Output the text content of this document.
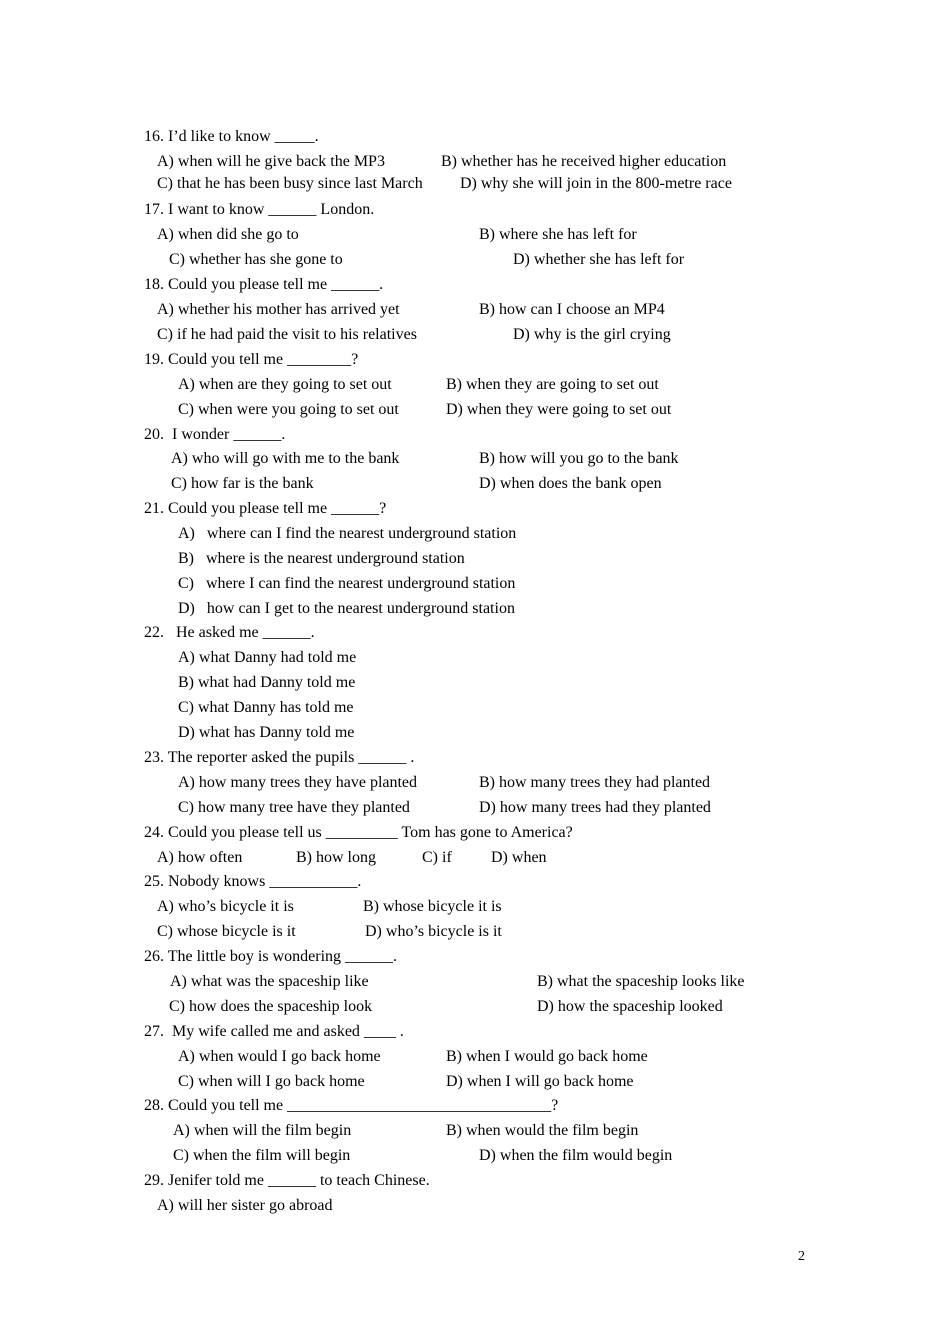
16. I’d like to know _____.
A) when will he give back the MP3	B) whether has he received higher education
C) that he has been busy since last March D) why she will join in the 800-metre race
17. I want to know ______ London.
A) when did she go to	B) where she has left for
C) whether has she gone to	D) whether she has left for
18. Could you please tell me ______.
A) whether his mother has arrived yet	B) how can I choose an MP4
C) if he had paid the visit to his relatives	D) why is the girl crying
19. Could you tell me ________?
A) when are they going to set out	B) when they are going to set out
C) when were you going to set out	D) when they were going to set out
20.  I wonder ______.
A) who will go with me to the bank	B) how will you go to the bank
C) how far is the bank	D) when does the bank open
21. Could you please tell me ______?
A)   where can I find the nearest underground station
B)   where is the nearest underground station
C)   where I can find the nearest underground station
D)   how can I get to the nearest underground station
22.   He asked me ______.
A) what Danny had told me
B) what had Danny told me
C) what Danny has told me
D) what has Danny told me
23. The reporter asked the pupils ______ .
A) how many trees they have planted	B) how many trees they had planted
C) how many tree have they planted	D) how many trees had they planted
24. Could you please tell us _________ Tom has gone to America?
A) how often	B) how long	C) if D) when
25. Nobody knows ___________.
A) who’s bicycle it is	B) whose bicycle it is
C) whose bicycle is it	D) who’s bicycle is it
26. The little boy is wondering ______.
A) what was the spaceship like	B) what the spaceship looks like
C) how does the spaceship look	D) how the spaceship looked
27.  My wife called me and asked ____ .
A) when would I go back home	B) when I would go back home
C) when will I go back home	D) when I will go back home
28. Could you tell me _________________________________?
A) when will the film begin	B) when would the film begin
C) when the film will begin	D) when the film would begin
29. Jenifer told me ______ to teach Chinese.
A) will her sister go abroad
2
